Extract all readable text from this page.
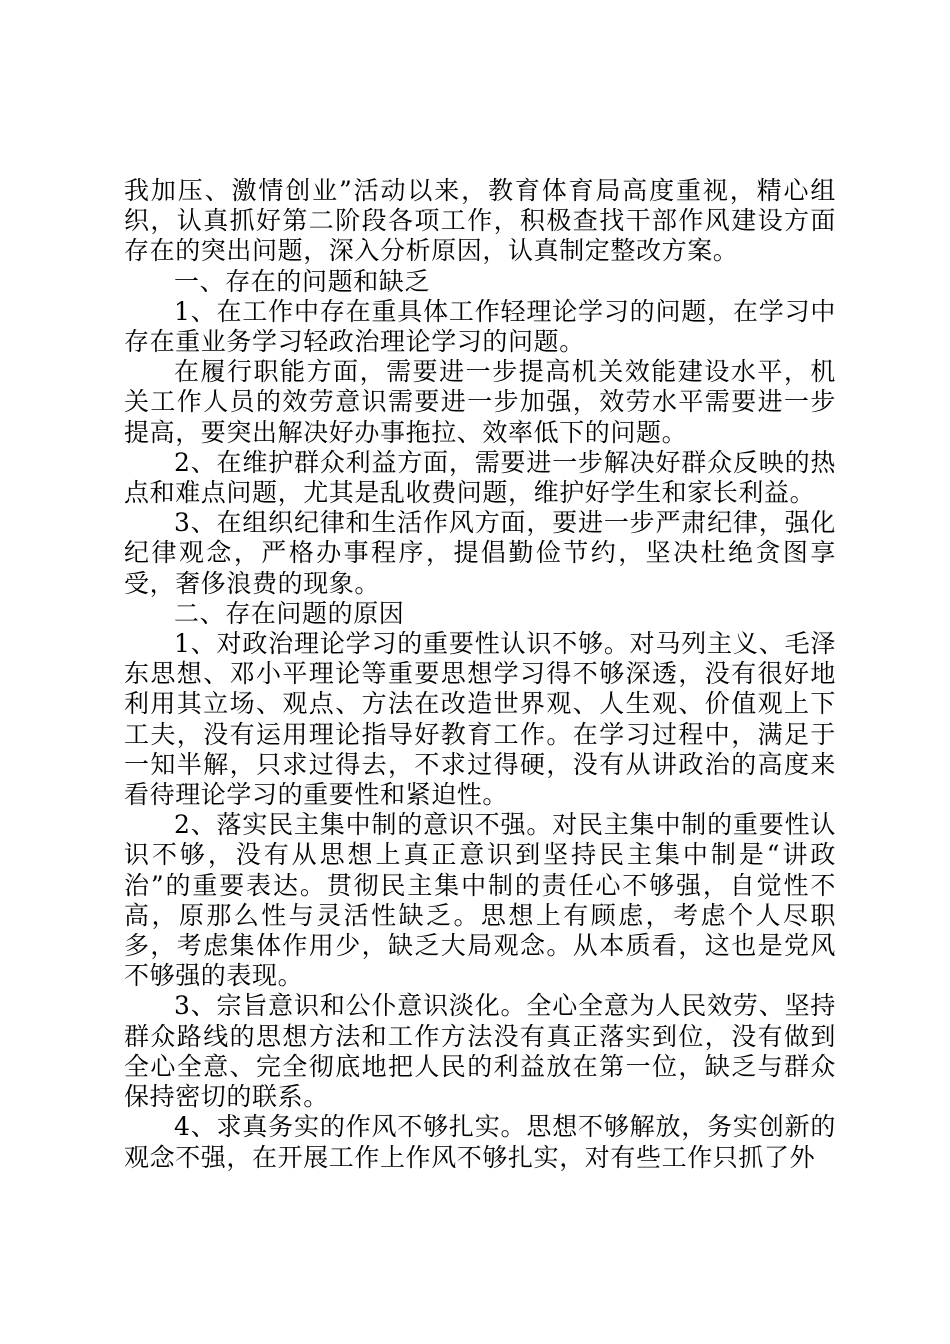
我加压、激情创业”活动以来，教育体育局高度重视，精心组织，认真抓好第二阶段各项工作，积极查找干部作风建设方面存在的突出问题，深入分析原因，认真制定整改方案。

一、存在的问题和缺乏

1、在工作中存在重具体工作轻理论学习的问题，在学习中存在重业务学习轻政治理论学习的问题。

在履行职能方面，需要进一步提高机关效能建设水平，机关工作人员的效劳意识需要进一步加强，效劳水平需要进一步提高，要突出解决好办事拖拉、效率低下的问题。

2、在维护群众利益方面，需要进一步解决好群众反映的热点和难点问题，尤其是乱收费问题，维护好学生和家长利益。

3、在组织纪律和生活作风方面，要进一步严肃纪律，强化纪律观念，严格办事程序，提倡勤俭节约，坚决杜绝贪图享受，奢侈浪费的现象。

二、存在问题的原因

1、对政治理论学习的重要性认识不够。对马列主义、毛泽东思想、邓小平理论等重要思想学习得不够深透，没有很好地利用其立场、观点、方法在改造世界观、人生观、价值观上下工夫，没有运用理论指导好教育工作。在学习过程中，满足于一知半解，只求过得去，不求过得硬，没有从讲政治的高度来看待理论学习的重要性和紧迫性。

2、落实民主集中制的意识不强。对民主集中制的重要性认识不够，没有从思想上真正意识到坚持民主集中制是“讲政治”的重要表达。贯彻民主集中制的责任心不够强，自觉性不高，原那么性与灵活性缺乏。思想上有顾虑，考虑个人尽职多，考虑集体作用少，缺乏大局观念。从本质看，这也是党风不够强的表现。

3、宗旨意识和公仆意识淡化。全心全意为人民效劳、坚持群众路线的思想方法和工作方法没有真正落实到位，没有做到全心全意、完全彻底地把人民的利益放在第一位，缺乏与群众保持密切的联系。

4、求真务实的作风不够扎实。思想不够解放，务实创新的观念不强，在开展工作上作风不够扎实，对有些工作只抓了外
